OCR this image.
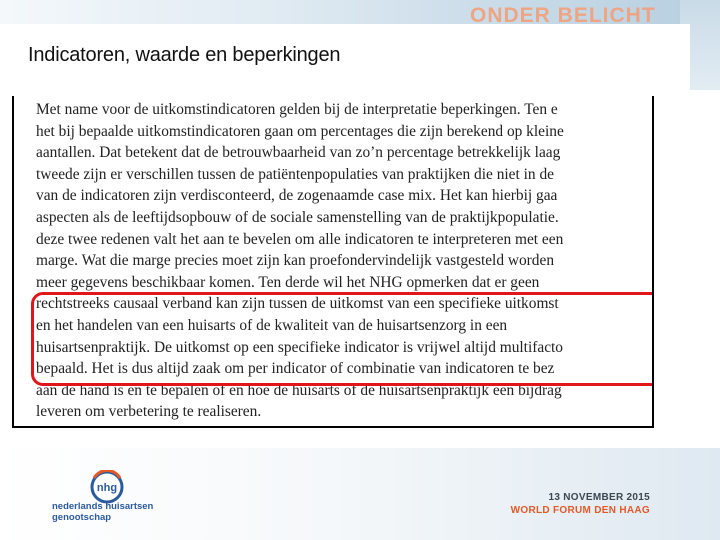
ONDER BELICHT
Indicatoren, waarde en beperkingen
Met name voor de uitkomstindicatoren gelden bij de interpretatie beperkingen. Ten e
het bij bepaalde uitkomstindicatoren gaan om percentages die zijn berekend op kleine
aantallen. Dat betekent dat de betrouwbaarheid van zo’n percentage betrekkelijk laag
tweede zijn er verschillen tussen de patiëntenpopulaties van praktijken die niet in de
van de indicatoren zijn verdisconteerd, de zogenaamde case mix. Het kan hierbij gaa
aspecten als de leeftijdsopbouw of de sociale samenstelling van de praktijkpopulatie.
deze twee redenen valt het aan te bevelen om alle indicatoren te interpreteren met een
marge. Wat die marge precies moet zijn kan proefondervindelijk vastgesteld worden
meer gegevens beschikbaar komen. Ten derde wil het NHG opmerken dat er geen
rechtstreeks causaal verband kan zijn tussen de uitkomst van een specifieke uitkomst
en het handelen van een huisarts of de kwaliteit van de huisartsenzorg in een
huisartsenpraktijk. De uitkomst op een specifieke indicator is vrijwel altijd multifacto
bepaald. Het is dus altijd zaak om per indicator of combinatie van indicatoren te bez
aan de hand is en te bepalen of en hoe de huisarts of de huisartsenpraktijk een bijdrag
leveren om verbetering te realiseren.
nhg
nederlands huisartsen
genootschap
13 NOVEMBER 2015
WORLD FORUM DEN HAAG
